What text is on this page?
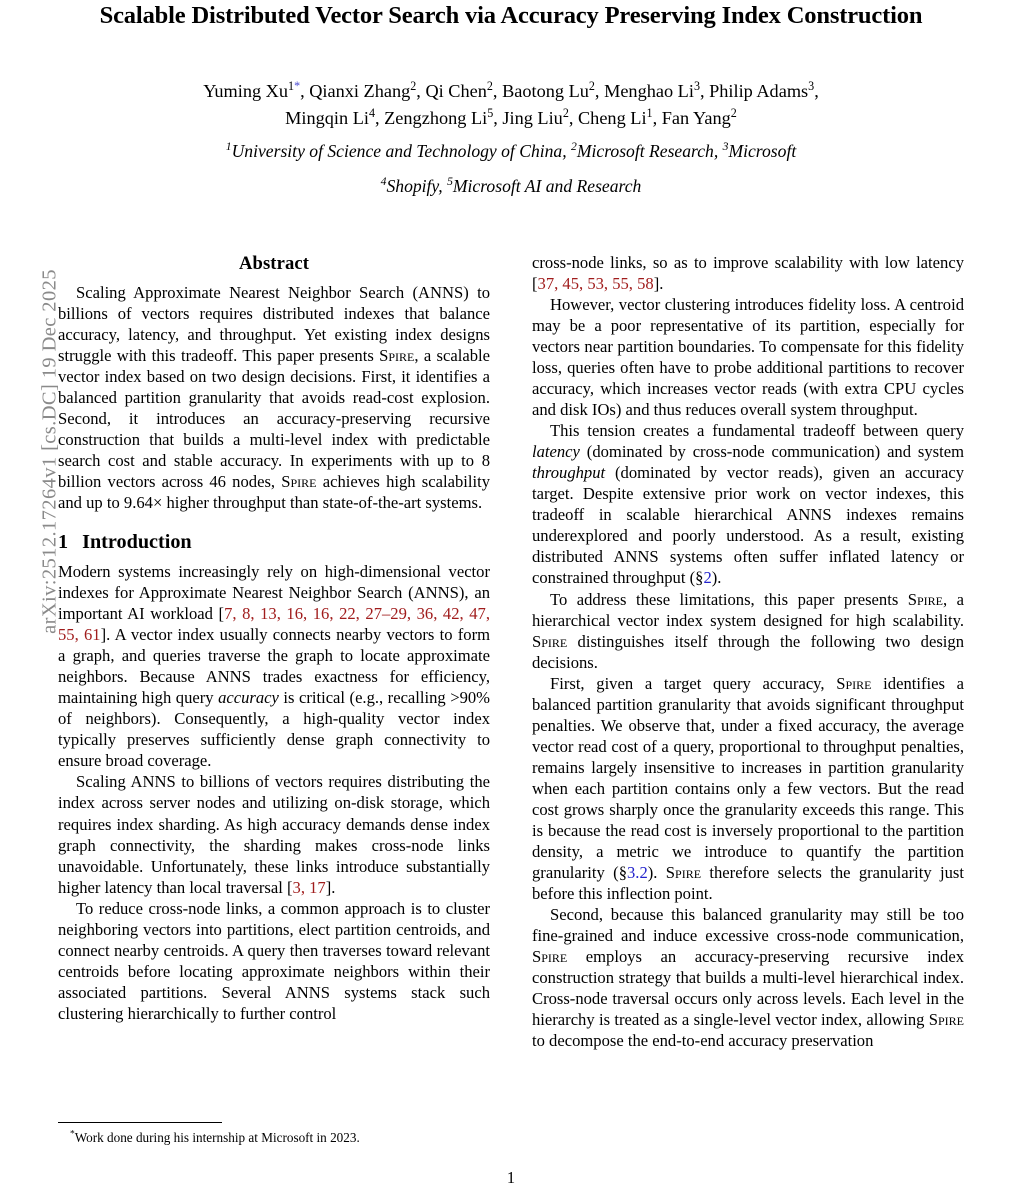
arXiv:2512.17264v1 [cs.DC] 19 Dec 2025
Scalable Distributed Vector Search via Accuracy Preserving Index Construction
Yuming $Xu^{1*}$, Qianxi Zhang$^2$, Qi Chen$^2$, Baotong Lu$^2$, Menghao Li$^3$, Philip Adams$^3$,
Mingqin Li$^4$, Zengzhong Li$^5$, Jing Liu$^2$, Cheng Li$^1$, Fan Yang$^2$
$^1$University of Science and Technology of China, $^2$Microsoft Research, $^3$Microsoft
$^4$Shopify, $^5$Microsoft AI and Research
Abstract

Scaling Approximate Nearest Neighbor Search (ANNS) to billions of vectors requires distributed indexes that balance accuracy, latency, and throughput. Yet existing index designs struggle with this tradeoff. This paper presents Spire, a scalable vector index based on two design decisions. First, it identifies a balanced partition granularity that avoids read-cost explosion. Second, it introduces an accuracy-preserving recursive construction that builds a multi-level index with predictable search cost and stable accuracy. In experiments with up to 8 billion vectors across 46 nodes, Spire achieves high scalability and up to 9.64× higher throughput than state-of-the-art systems.

1 Introduction

Modern systems increasingly rely on high-dimensional vector indexes for Approximate Nearest Neighbor Search (ANNS), an important AI workload [7, 8, 13, 16, 16, 22, 27–29, 36, 42, 47, 55, 61]. A vector index usually connects nearby vectors to form a graph, and queries traverse the graph to locate approximate neighbors. Because ANNS trades exactness for efficiency, maintaining high query accuracy is critical (e.g., recalling >90% of neighbors). Consequently, a high-quality vector index typically preserves sufficiently dense graph connectivity to ensure broad coverage.

Scaling ANNS to billions of vectors requires distributing the index across server nodes and utilizing on-disk storage, which requires index sharding. As high accuracy demands dense index graph connectivity, the sharding makes cross-node links unavoidable. Unfortunately, these links introduce substantially higher latency than local traversal [3, 17].

To reduce cross-node links, a common approach is to cluster neighboring vectors into partitions, elect partition centroids, and connect nearby centroids. A query then traverses toward relevant centroids before locating approximate neighbors within their associated partitions. Several ANNS systems stack such clustering hierarchically to further control

cross-node links, so as to improve scalability with low latency [37, 45, 53, 55, 58].

However, vector clustering introduces fidelity loss. A centroid may be a poor representative of its partition, especially for vectors near partition boundaries. To compensate for this fidelity loss, queries often have to probe additional partitions to recover accuracy, which increases vector reads (with extra CPU cycles and disk IOs) and thus reduces overall system throughput.

This tension creates a fundamental tradeoff between query latency (dominated by cross-node communication) and system throughput (dominated by vector reads), given an accuracy target. Despite extensive prior work on vector indexes, this tradeoff in scalable hierarchical ANNS indexes remains underexplored and poorly understood. As a result, existing distributed ANNS systems often suffer inflated latency or constrained throughput (§2).

To address these limitations, this paper presents Spire, a hierarchical vector index system designed for high scalability. Spire distinguishes itself through the following two design decisions.

First, given a target query accuracy, Spire identifies a balanced partition granularity that avoids significant throughput penalties. We observe that, under a fixed accuracy, the average vector read cost of a query, proportional to throughput penalties, remains largely insensitive to increases in partition granularity when each partition contains only a few vectors. But the read cost grows sharply once the granularity exceeds this range. This is because the read cost is inversely proportional to the partition density, a metric we introduce to quantify the partition granularity (§3.2). Spire therefore selects the granularity just before this inflection point.

Second, because this balanced granularity may still be too fine-grained and induce excessive cross-node communication, Spire employs an accuracy-preserving recursive index construction strategy that builds a multi-level hierarchical index. Cross-node traversal occurs only across levels. Each level in the hierarchy is treated as a single-level vector index, allowing Spire to decompose the end-to-end accuracy preservation

*Work done during his internship at Microsoft in 2023.
1
